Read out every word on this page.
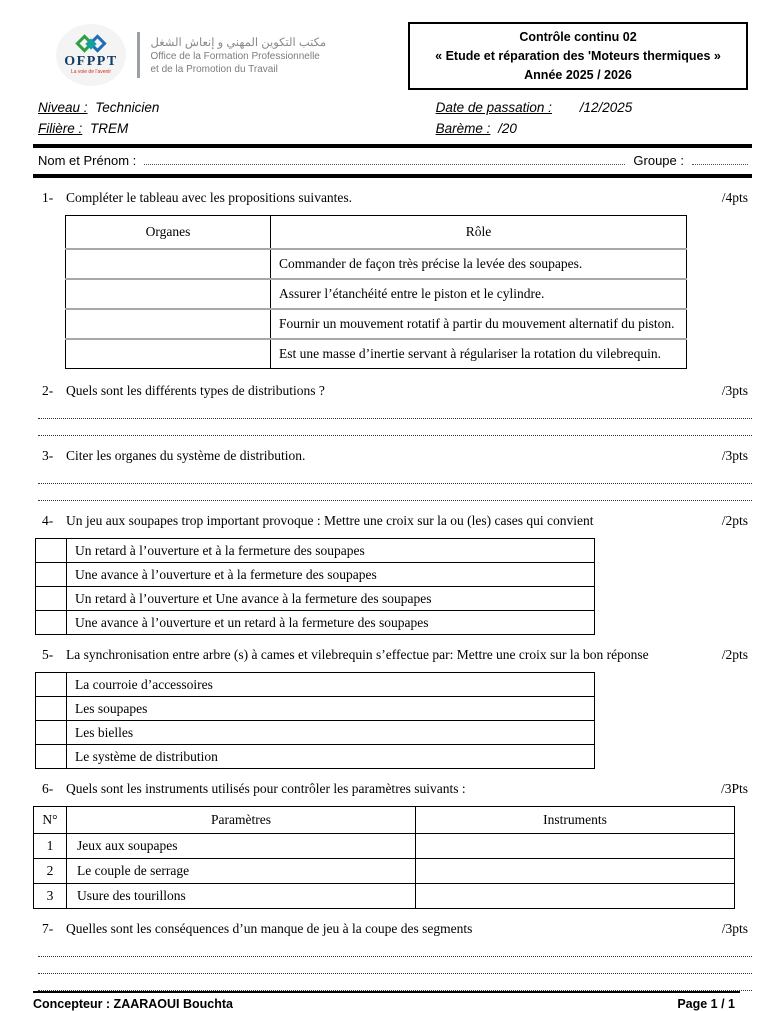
OFPPT
La voie de l'avenir
مكتب التكوين المهني و إنعاش الشغل
Office de la Formation Professionnelle
et de la Promotion du Travail
Contrôle continu 02
« Etude et réparation des 'Moteurs thermiques »
Année 2025 / 2026
Niveau : Technicien	Date de passation : /12/2025
Filière : TREM	Barème : /20
Nom et Prénom :	Groupe :
1- Compléter le tableau avec les propositions suivantes.	/4pts
Organes	Rôle
	Commander de façon très précise la levée des soupapes.
	Assurer l’étanchéité entre le piston et le cylindre.
	Fournir un mouvement rotatif à partir du mouvement alternatif du piston.
	Est une masse d’inertie servant à régulariser la rotation du vilebrequin.
2- Quels sont les différents types de distributions ?	/3pts
3- Citer les organes du système de distribution.	/3pts
4- Un jeu aux soupapes trop important provoque : Mettre une croix sur la ou (les) cases qui convient	/2pts
	Un retard à l’ouverture et à la fermeture des soupapes
	Une avance à l’ouverture et à la fermeture des soupapes
	Un retard à l’ouverture et Une avance à la fermeture des soupapes
	Une avance à l’ouverture et un retard à la fermeture des soupapes
5- La synchronisation entre arbre (s) à cames et vilebrequin s’effectue par: Mettre une croix sur la bon réponse	/2pts
	La courroie d’accessoires
	Les soupapes
	Les bielles
	Le système de distribution
6- Quels sont les instruments utilisés pour contrôler les paramètres suivants :	/3Pts
N°	Paramètres	Instruments
1	Jeux aux soupapes	
2	Le couple de serrage	
3	Usure des tourillons	
7- Quelles sont les conséquences d’un manque de jeu à la coupe des segments	/3pts
Concepteur : ZAARAOUI Bouchta	Page 1 / 1
